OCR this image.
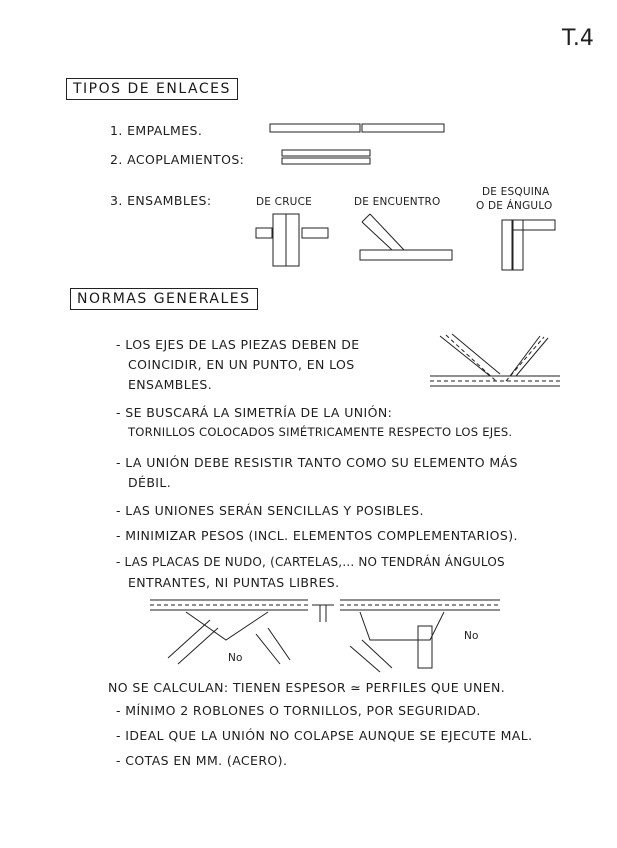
T.4
TIPOS DE ENLACES
1. EMPALMES.
2. ACOPLAMIENTOS:
3. ENSAMBLES:	DE CRUCE	DE ENCUENTRO
DE ESQUINA
O DE ÁNGULO
NORMAS GENERALES
- LOS EJES DE LAS PIEZAS DEBEN DE
COINCIDIR, EN UN PUNTO, EN LOS
ENSAMBLES.
- SE BUSCARÁ LA SIMETRÍA DE LA UNIÓN:
TORNILLOS COLOCADOS SIMÉTRICAMENTE RESPECTO LOS EJES.
- LA UNIÓN DEBE RESISTIR TANTO COMO SU ELEMENTO MÁS
DÉBIL.
- LAS UNIONES SERÁN SENCILLAS Y POSIBLES.
- MINIMIZAR PESOS (INCL. ELEMENTOS COMPLEMENTARIOS).
- LAS PLACAS DE NUDO, (CARTELAS,... NO TENDRÁN ÁNGULOS
ENTRANTES, NI PUNTAS LIBRES.
No
No
NO SE CALCULAN: TIENEN ESPESOR ≃ PERFILES QUE UNEN.
- MÍNIMO 2 ROBLONES O TORNILLOS, POR SEGURIDAD.
- IDEAL QUE LA UNIÓN NO COLAPSE AUNQUE SE EJECUTE MAL.
- COTAS EN MM. (ACERO).
